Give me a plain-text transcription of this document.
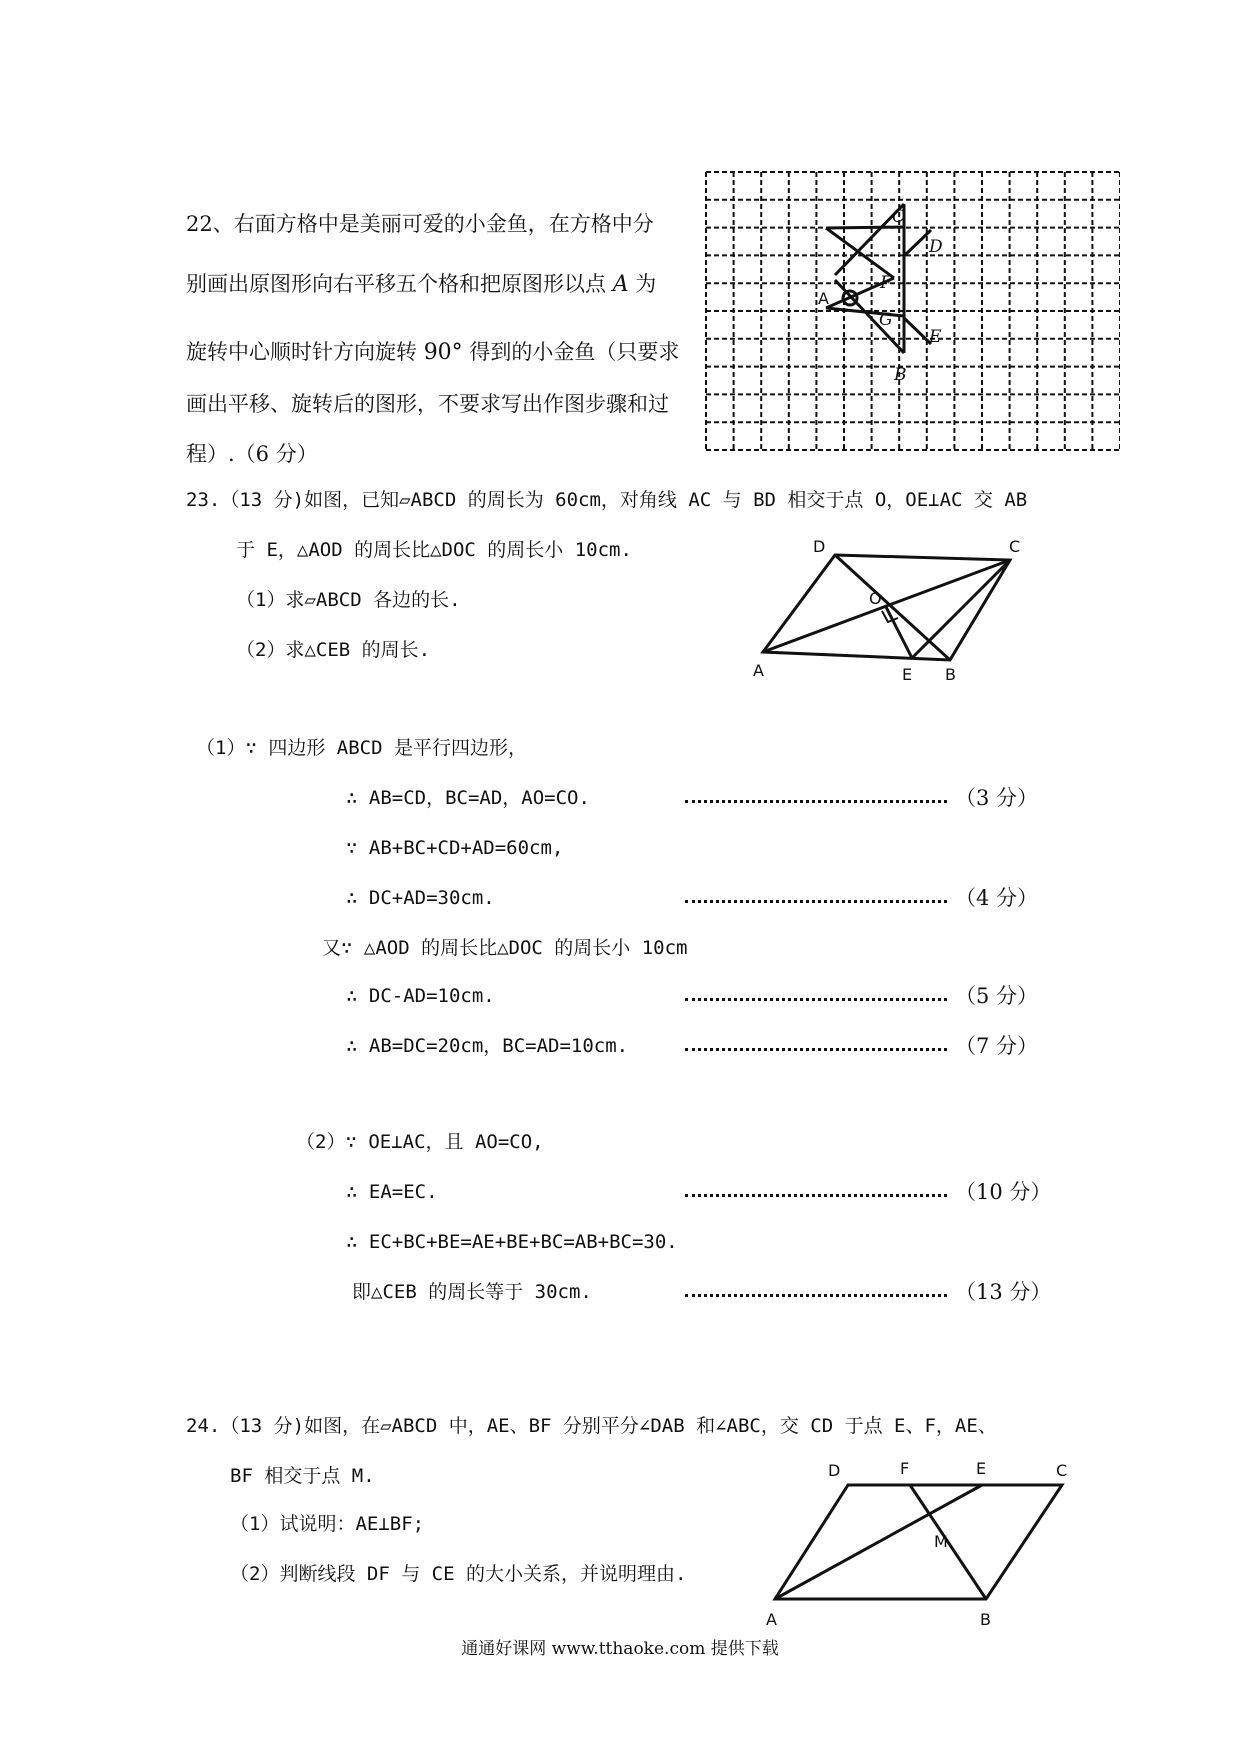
22、右面方格中是美丽可爱的小金鱼，在方格中分
别画出原图形向右平移五个格和把原图形以点 A 为
旋转中心顺时针方向旋转 90° 得到的小金鱼（只要求
画出平移、旋转后的图形，不要求写出作图步骤和过
程）.（6 分）
C
D
F
A
G
E
B
23.（13 分)如图，已知▱ABCD 的周长为 60cm，对角线 AC 与 BD 相交于点 O，OE⊥AC 交 AB
于 E，△AOD 的周长比△DOC 的周长小 10cm.
（1）求▱ABCD 各边的长.
（2）求△CEB 的周长.
D	C
O
A	E B
（1）∵ 四边形 ABCD 是平行四边形，
∴ AB=CD，BC=AD，AO=CO.	（3 分）
∵ AB+BC+CD+AD=60cm,
∴ DC+AD=30cm.	（4 分）
又∵ △AOD 的周长比△DOC 的周长小 10cm
∴ DC-AD=10cm.	（5 分）
∴ AB=DC=20cm，BC=AD=10cm.	（7 分）
（2）∵ OE⊥AC，且 AO=CO,
∴ EA=EC.	（10 分）
∴ EC+BC+BE=AE+BE+BC=AB+BC=30.
即△CEB 的周长等于 30cm.	（13 分）
24.（13 分)如图，在▱ABCD 中，AE、BF 分别平分∠DAB 和∠ABC，交 CD 于点 E、F，AE、
BF 相交于点 M.
（1）试说明：AE⊥BF;
（2）判断线段 DF 与 CE 的大小关系，并说明理由.
D	F	E	C
M
A	B
通通好课网 www.tthaoke.com 提供下载
